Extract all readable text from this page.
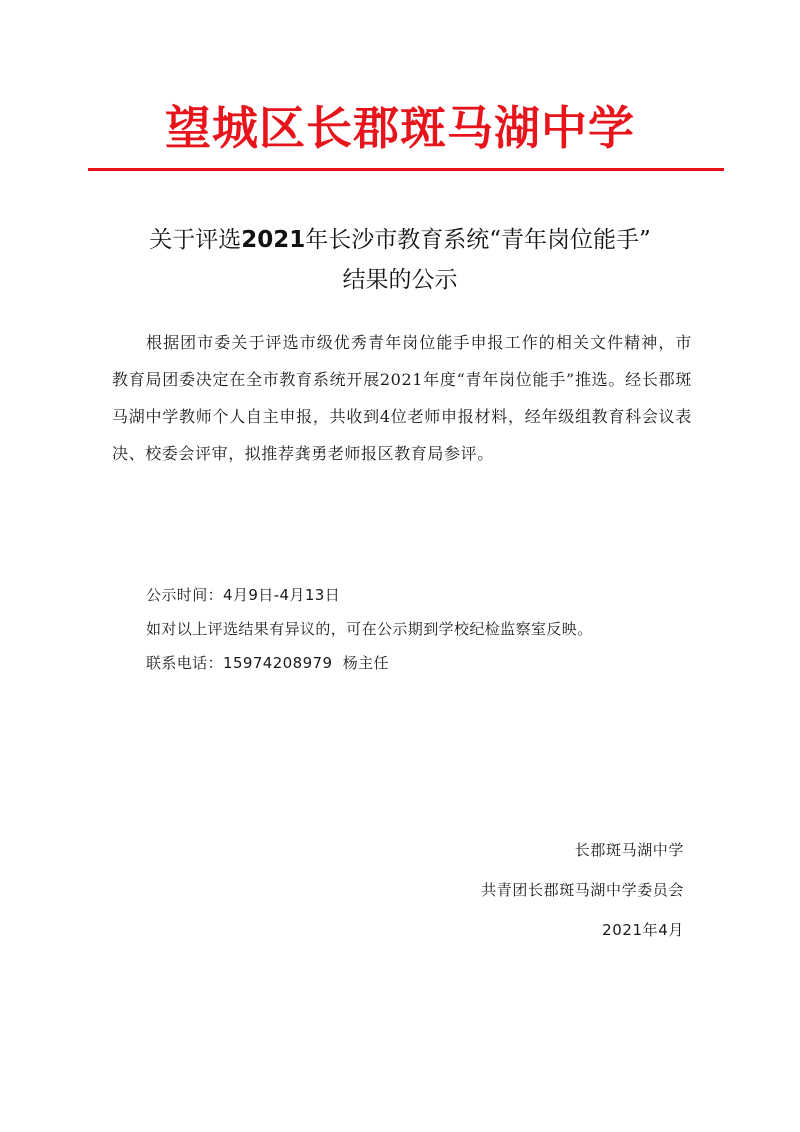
望城区长郡斑马湖中学
关于评选2021年长沙市教育系统“青年岗位能手”
结果的公示

根据团市委关于评选市级优秀青年岗位能手申报工作的相关文件精神，市教育局团委决定在全市教育系统开展2021年度“青年岗位能手”推选。经长郡斑马湖中学教师个人自主申报，共收到4位老师申报材料，经年级组教育科会议表决、校委会评审，拟推荐龚勇老师报区教育局参评。

公示时间：4月9日-4月13日
如对以上评选结果有异议的，可在公示期到学校纪检监察室反映。
联系电话：15974208979 杨主任
长郡斑马湖中学
共青团长郡斑马湖中学委员会
2021年4月
